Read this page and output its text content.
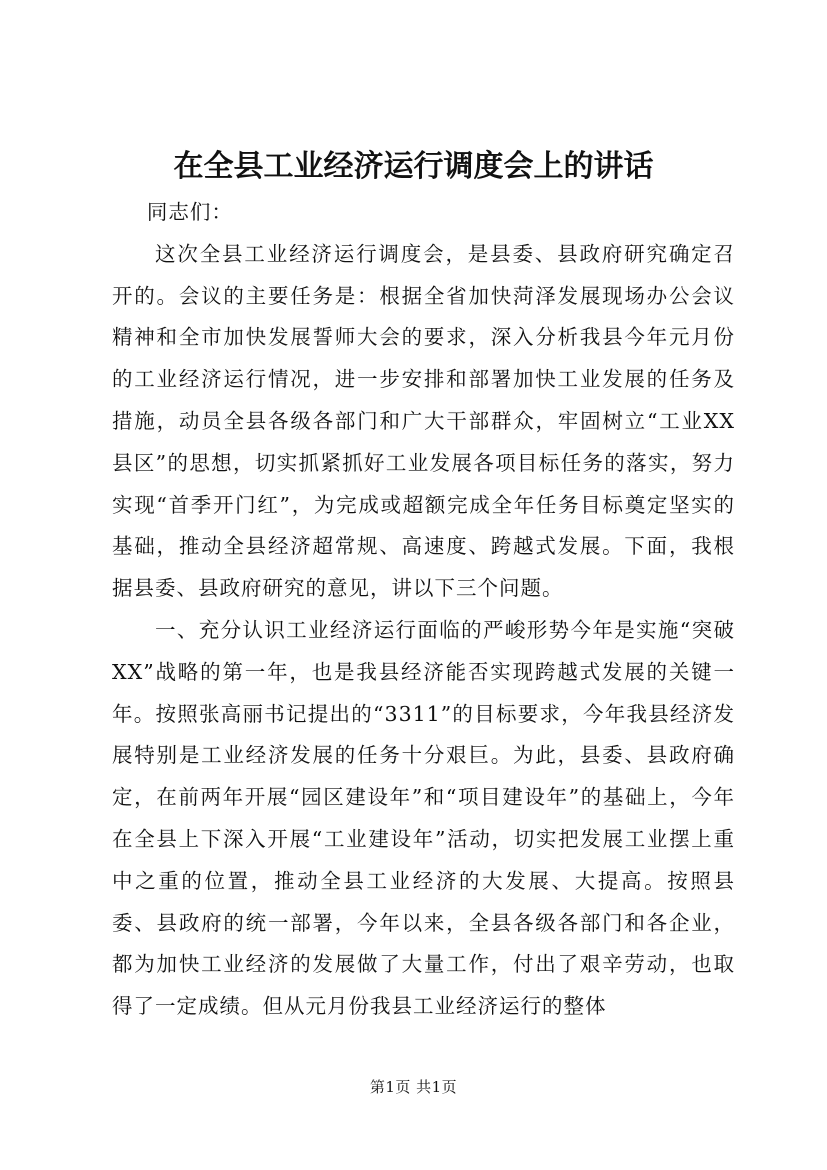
在全县工业经济运行调度会上的讲话

同志们：

这次全县工业经济运行调度会，是县委、县政府研究确定召开的。会议的主要任务是：根据全省加快菏泽发展现场办公会议精神和全市加快发展誓师大会的要求，深入分析我县今年元月份的工业经济运行情况，进一步安排和部署加快工业发展的任务及措施，动员全县各级各部门和广大干部群众，牢固树立“工业XX县区”的思想，切实抓紧抓好工业发展各项目标任务的落实，努力实现“首季开门红”，为完成或超额完成全年任务目标奠定坚实的基础，推动全县经济超常规、高速度、跨越式发展。下面，我根据县委、县政府研究的意见，讲以下三个问题。

一、充分认识工业经济运行面临的严峻形势今年是实施“突破XX”战略的第一年，也是我县经济能否实现跨越式发展的关键一年。按照张高丽书记提出的“3311”的目标要求，今年我县经济发展特别是工业经济发展的任务十分艰巨。为此，县委、县政府确定，在前两年开展“园区建设年”和“项目建设年”的基础上，今年在全县上下深入开展“工业建设年”活动，切实把发展工业摆上重中之重的位置，推动全县工业经济的大发展、大提高。按照县委、县政府的统一部署，今年以来，全县各级各部门和各企业，都为加快工业经济的发展做了大量工作，付出了艰辛劳动，也取得了一定成绩。但从元月份我县工业经济运行的整体

第1页 共1页
